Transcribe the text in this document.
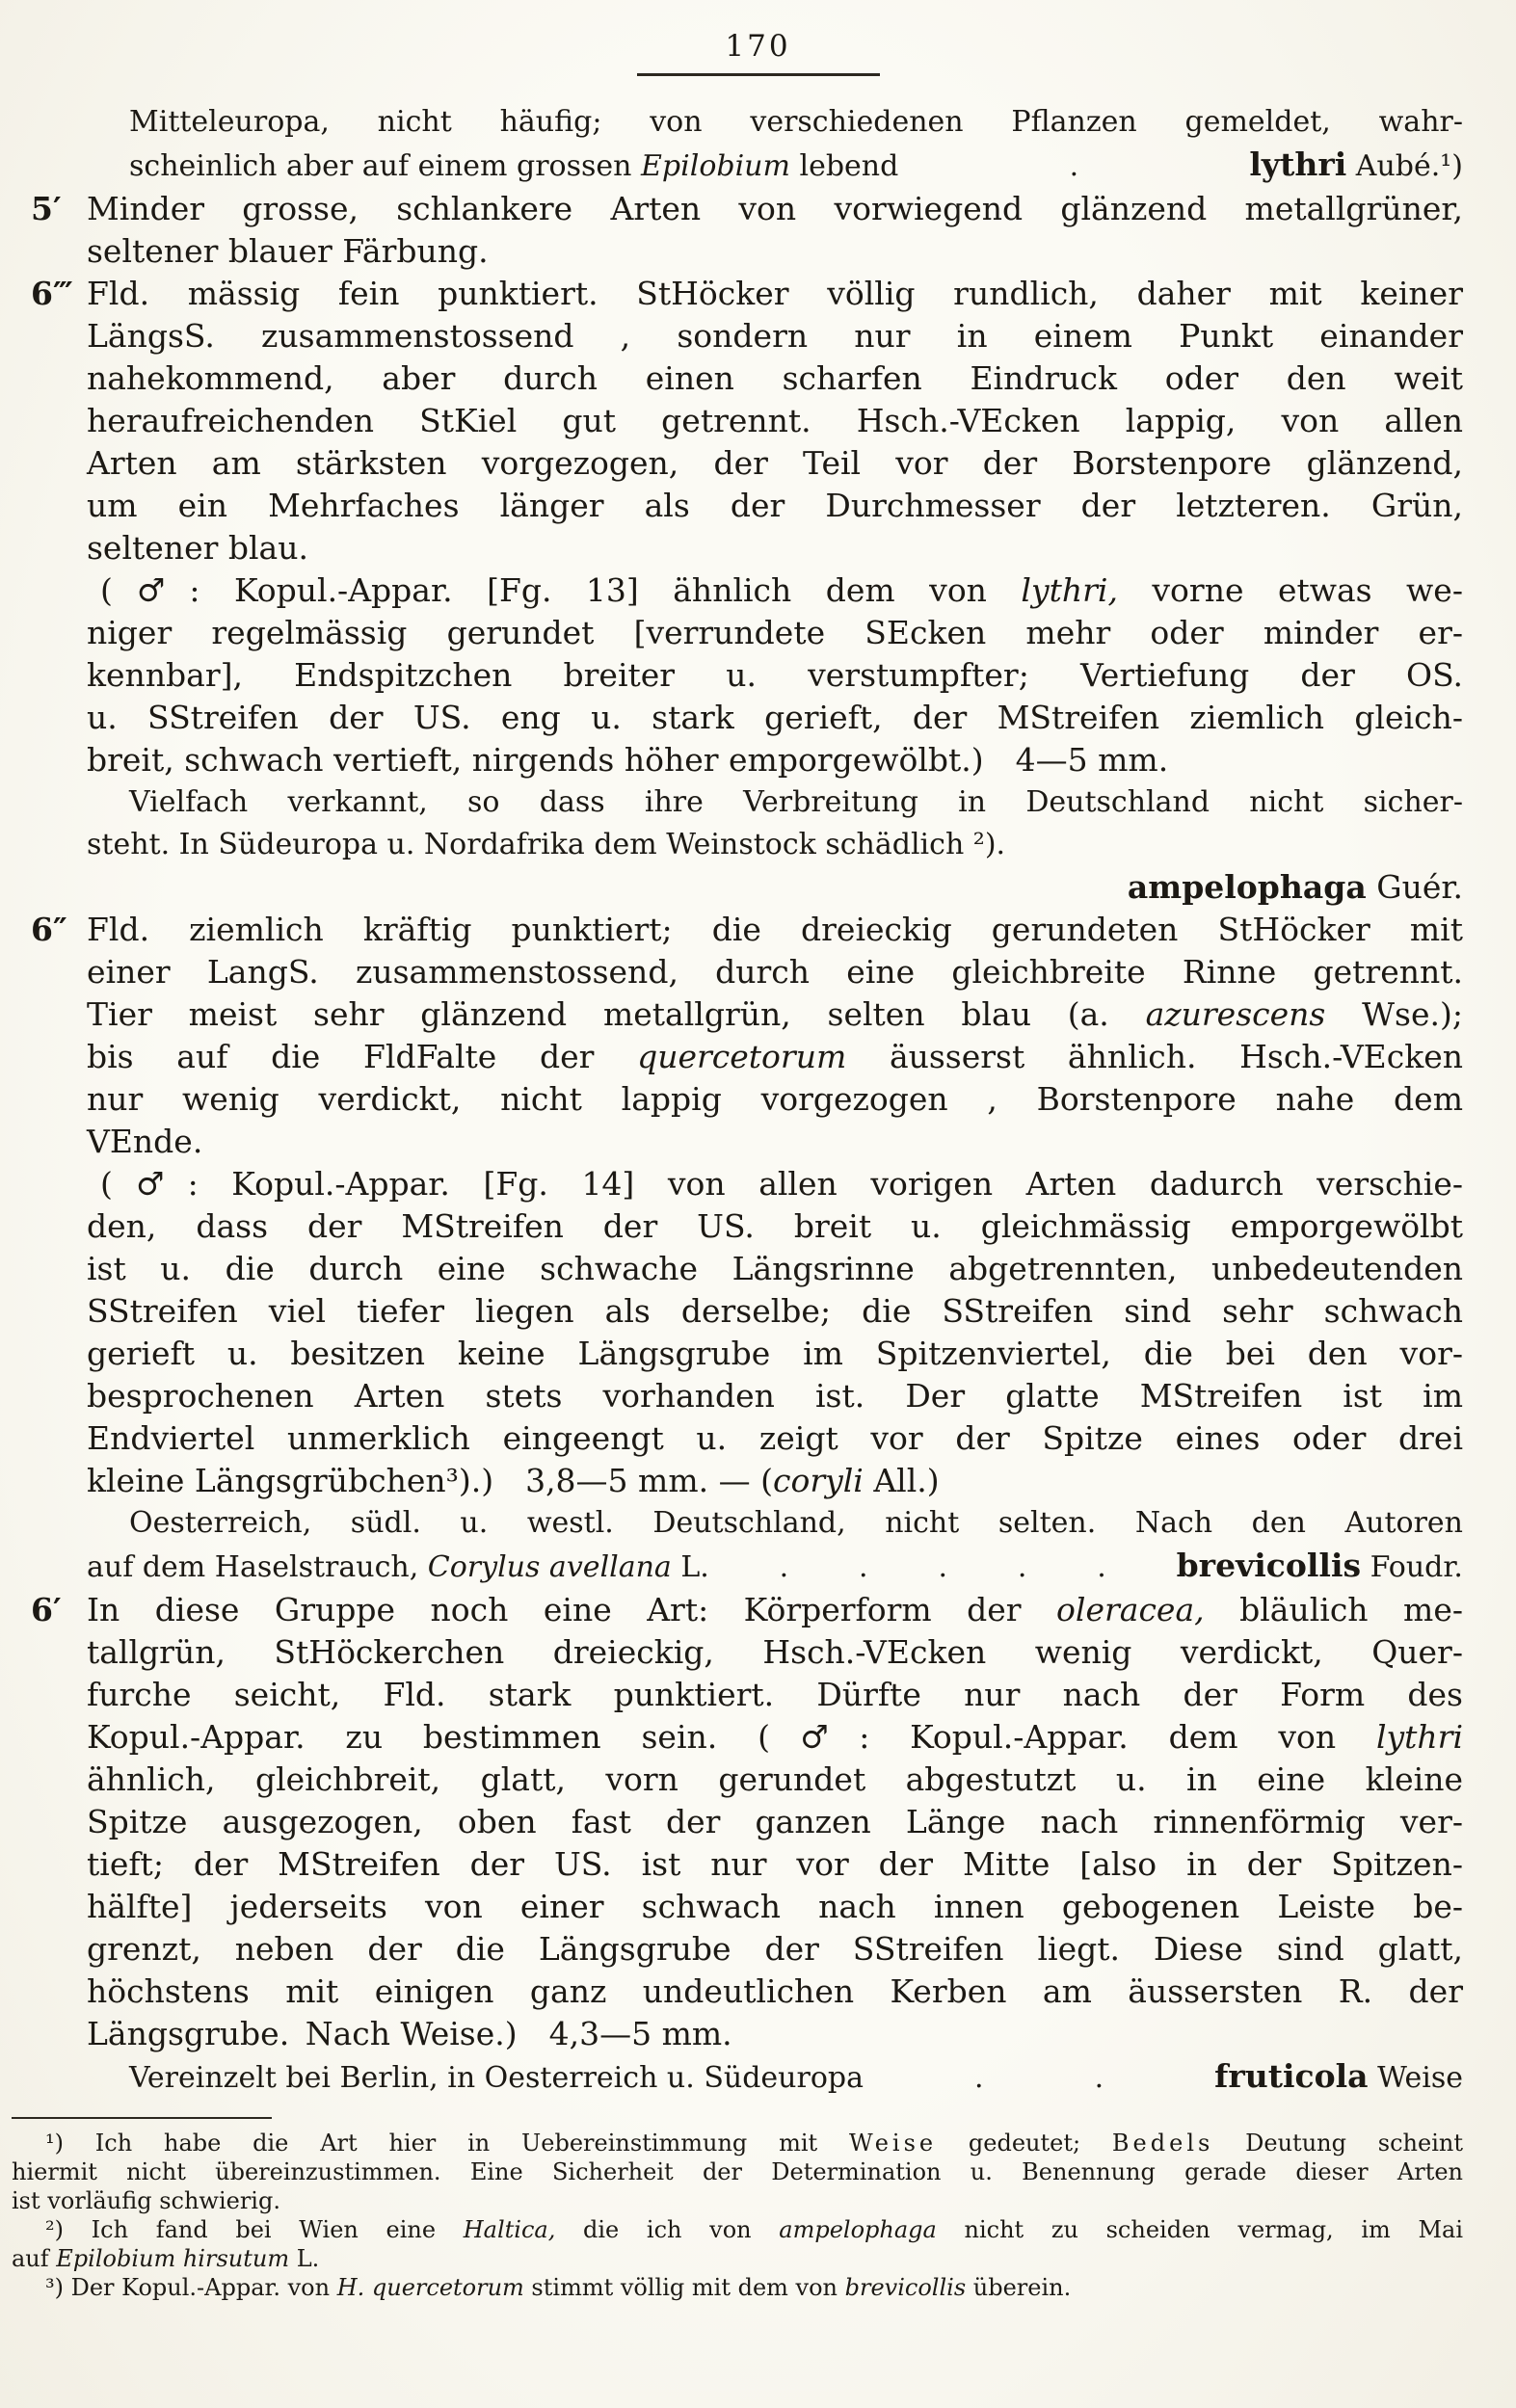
170
Mitteleuropa, nicht häufig; von verschiedenen Pflanzen gemeldet, wahr-
scheinlich aber auf einem grossen Epilobium lebend	.	lythri Aubé.¹)
5′ Minder grosse, schlankere Arten von vorwiegend glänzend metallgrüner,
seltener blauer Färbung.
6‴ Fld. mässig fein punktiert. StHöcker völlig rundlich, daher mit keiner
LängsS. zusammenstossend , sondern nur in einem Punkt einander
nahekommend, aber durch einen scharfen Eindruck oder den weit
heraufreichenden StKiel gut getrennt. Hsch.-VEcken lappig, von allen
Arten am stärksten vorgezogen, der Teil vor der Borstenpore glänzend,
um ein Mehrfaches länger als der Durchmesser der letzteren. Grün,
seltener blau.
(♂: Kopul.-Appar. [Fg. 13] ähnlich dem von lythri, vorne etwas we-
niger regelmässig gerundet [verrundete SEcken mehr oder minder er-
kennbar], Endspitzchen breiter u. verstumpfter; Vertiefung der OS.
u. SStreifen der US. eng u. stark gerieft, der MStreifen ziemlich gleich-
breit, schwach vertieft, nirgends höher emporgewölbt.)  4—5 mm.
Vielfach verkannt, so dass ihre Verbreitung in Deutschland nicht sicher-
steht. In Südeuropa u. Nordafrika dem Weinstock schädlich ²).
ampelophaga Guér.
6″ Fld. ziemlich kräftig punktiert; die dreieckig gerundeten StHöcker mit
einer LangS. zusammenstossend, durch eine gleichbreite Rinne getrennt.
Tier meist sehr glänzend metallgrün, selten blau (a. azurescens Wse.);
bis auf die FldFalte der quercetorum äusserst ähnlich. Hsch.-VEcken
nur wenig verdickt, nicht lappig vorgezogen , Borstenpore nahe dem
VEnde.
(♂: Kopul.-Appar. [Fg. 14] von allen vorigen Arten dadurch verschie-
den, dass der MStreifen der US. breit u. gleichmässig emporgewölbt
ist u. die durch eine schwache Längsrinne abgetrennten, unbedeutenden
SStreifen viel tiefer liegen als derselbe; die SStreifen sind sehr schwach
gerieft u. besitzen keine Längsgrube im Spitzenviertel, die bei den vor-
besprochenen Arten stets vorhanden ist. Der glatte MStreifen ist im
Endviertel unmerklich eingeengt u. zeigt vor der Spitze eines oder drei
kleine Längsgrübchen³).)  3,8—5 mm. — (coryli All.)
Oesterreich, südl. u. westl. Deutschland, nicht selten. Nach den Autoren
auf dem Haselstrauch, Corylus avellana L. . . . . . brevicollis Foudr.
6′ In diese Gruppe noch eine Art: Körperform der oleracea, bläulich me-
tallgrün, StHöckerchen dreieckig, Hsch.-VEcken wenig verdickt, Quer-
furche seicht, Fld. stark punktiert. Dürfte nur nach der Form des
Kopul.-Appar. zu bestimmen sein. (♂: Kopul.-Appar. dem von lythri
ähnlich, gleichbreit, glatt, vorn gerundet abgestutzt u. in eine kleine
Spitze ausgezogen, oben fast der ganzen Länge nach rinnenförmig ver-
tieft; der MStreifen der US. ist nur vor der Mitte [also in der Spitzen-
hälfte] jederseits von einer schwach nach innen gebogenen Leiste be-
grenzt, neben der die Längsgrube der SStreifen liegt. Diese sind glatt,
höchstens mit einigen ganz undeutlichen Kerben am äussersten R. der
Längsgrube. Nach Weise.)  4,3—5 mm.
Vereinzelt bei Berlin, in Oesterreich u. Südeuropa	.	.	fruticola Weise
¹) Ich habe die Art hier in Uebereinstimmung mit Weise gedeutet; Bedels Deutung scheint
hiermit nicht übereinzustimmen. Eine Sicherheit der Determination u. Benennung gerade dieser Arten
ist vorläufig schwierig.
²) Ich fand bei Wien eine Haltica, die ich von ampelophaga nicht zu scheiden vermag, im Mai
auf Epilobium hirsutum L.
³) Der Kopul.-Appar. von H. quercetorum stimmt völlig mit dem von brevicollis überein.
